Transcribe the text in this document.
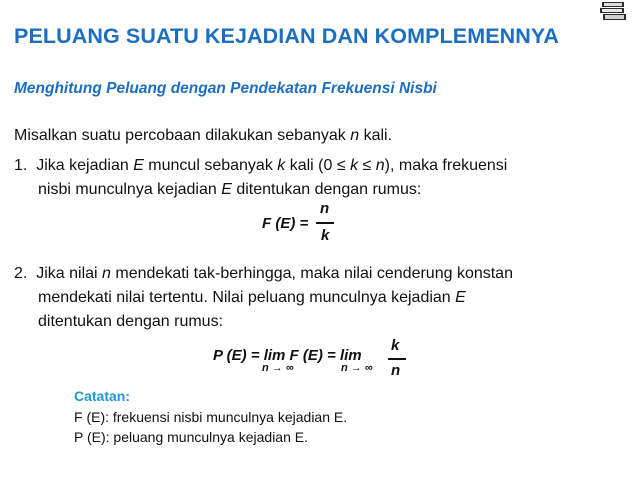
PELUANG SUATU KEJADIAN DAN KOMPLEMENNYA
Menghitung Peluang dengan Pendekatan Frekuensi Nisbi
Misalkan suatu percobaan dilakukan sebanyak n kali.
1. Jika kejadian E muncul sebanyak k kali (0 ≤ k ≤ n), maka frekuensi
nisbi munculnya kejadian E ditentukan dengan rumus:
F (E) =
n
k
2. Jika nilai n mendekati tak-berhingga, maka nilai cenderung konstan
mendekati nilai tertentu. Nilai peluang munculnya kejadian E
ditentukan dengan rumus:
P (E) = lim F (E) = lim
n → ∞	n → ∞
k
n
Catatan:
F (E): frekuensi nisbi munculnya kejadian E.
P (E): peluang munculnya kejadian E.
